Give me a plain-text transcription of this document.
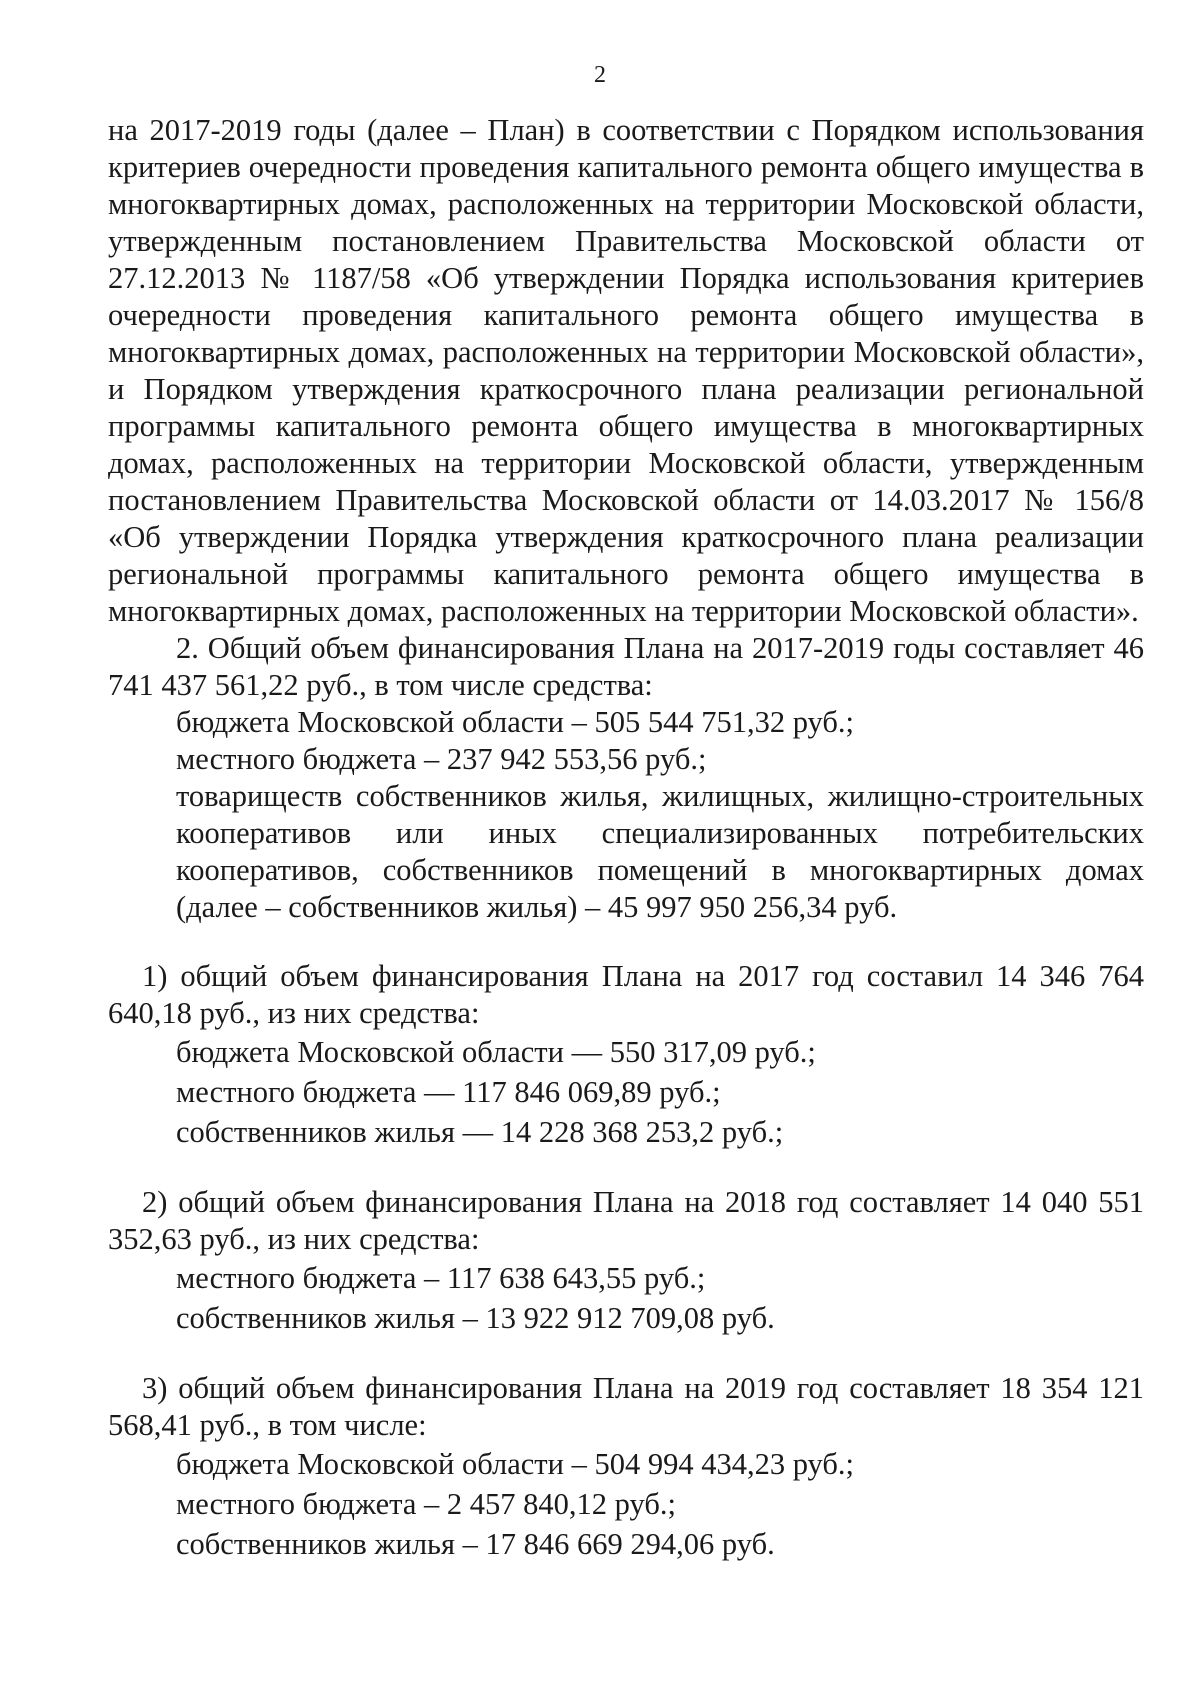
2

на 2017-2019 годы (далее – План) в соответствии с Порядком использования критериев очередности проведения капитального ремонта общего имущества в многоквартирных домах, расположенных на территории Московской области, утвержденным постановлением Правительства Московской области от 27.12.2013 № 1187/58 «Об утверждении Порядка использования критериев очередности проведения капитального ремонта общего имущества в многоквартирных домах, расположенных на территории Московской области», и Порядком утверждения краткосрочного плана реализации региональной программы капитального ремонта общего имущества в многоквартирных домах, расположенных на территории Московской области, утвержденным постановлением Правительства Московской области от 14.03.2017 № 156/8 «Об утверждении Порядка утверждения краткосрочного плана реализации региональной программы капитального ремонта общего имущества в многоквартирных домах, расположенных на территории Московской области».

2. Общий объем финансирования Плана на 2017-2019 годы составляет 46 741 437 561,22 руб., в том числе средства:

бюджета Московской области – 505 544 751,32 руб.;

местного бюджета – 237 942 553,56 руб.;

товариществ собственников жилья, жилищных, жилищно-строительных кооперативов или иных специализированных потребительских кооперативов, собственников помещений в многоквартирных домах (далее – собственников жилья) – 45 997 950 256,34 руб.

1) общий объем финансирования Плана на 2017 год составил 14 346 764 640,18 руб., из них средства:

бюджета Московской области — 550 317,09 руб.;

местного бюджета — 117 846 069,89 руб.;

собственников жилья — 14 228 368 253,2 руб.;

2) общий объем финансирования Плана на 2018 год составляет 14 040 551 352,63 руб., из них средства:

местного бюджета – 117 638 643,55 руб.;

собственников жилья – 13 922 912 709,08 руб.

3) общий объем финансирования Плана на 2019 год составляет 18 354 121 568,41 руб., в том числе:

бюджета Московской области – 504 994 434,23 руб.;

местного бюджета – 2 457 840,12 руб.;

собственников жилья – 17 846 669 294,06 руб.
